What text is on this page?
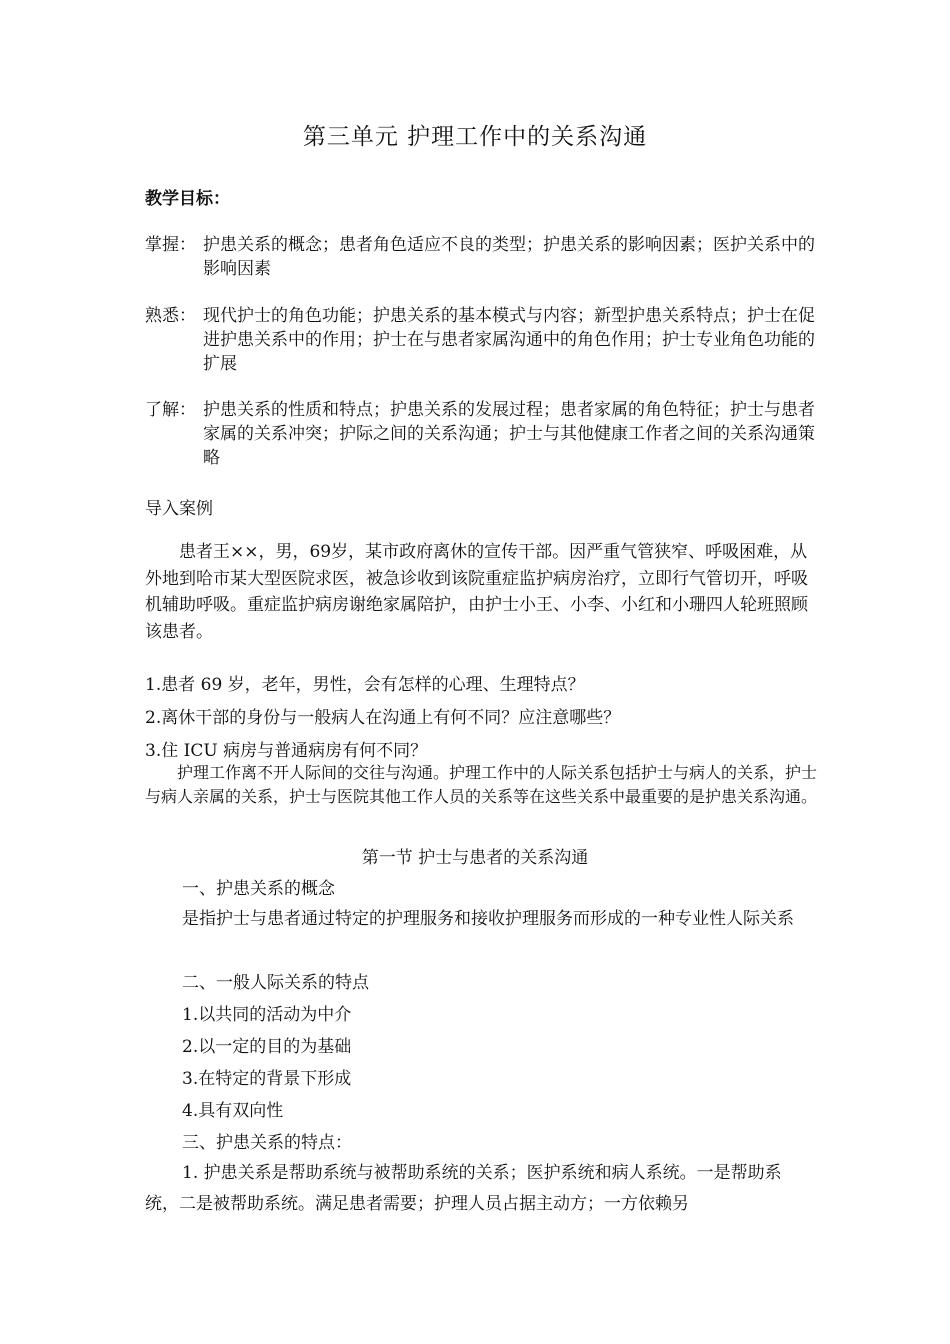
第三单元 护理工作中的关系沟通
教学目标：
掌握： 护患关系的概念；患者角色适应不良的类型；护患关系的影响因素；医护关系中的影响因素
熟悉： 现代护士的角色功能；护患关系的基本模式与内容；新型护患关系特点；护士在促进护患关系中的作用；护士在与患者家属沟通中的角色作用；护士专业角色功能的扩展
了解： 护患关系的性质和特点；护患关系的发展过程；患者家属的角色特征；护士与患者家属的关系冲突；护际之间的关系沟通；护士与其他健康工作者之间的关系沟通策略
导入案例
患者王××，男，69岁，某市政府离休的宣传干部。因严重气管狭窄、呼吸困难，从外地到哈市某大型医院求医，被急诊收到该院重症监护病房治疗，立即行气管切开，呼吸机辅助呼吸。重症监护病房谢绝家属陪护，由护士小王、小李、小红和小珊四人轮班照顾该患者。
1.患者 69 岁，老年，男性，会有怎样的心理、生理特点？
2.离休干部的身份与一般病人在沟通上有何不同？应注意哪些？
3.住 ICU 病房与普通病房有何不同？
护理工作离不开人际间的交往与沟通。护理工作中的人际关系包括护士与病人的关系，护士与病人亲属的关系，护士与医院其他工作人员的关系等在这些关系中最重要的是护患关系沟通。
第一节 护士与患者的关系沟通
一、护患关系的概念
是指护士与患者通过特定的护理服务和接收护理服务而形成的一种专业性人际关系
二、一般人际关系的特点
1.以共同的活动为中介
2.以一定的目的为基础
3.在特定的背景下形成
4.具有双向性
三、护患关系的特点：
1. 护患关系是帮助系统与被帮助系统的关系；医护系统和病人系统。一是帮助系统，二是被帮助系统。满足患者需要；护理人员占据主动方；一方依赖另
